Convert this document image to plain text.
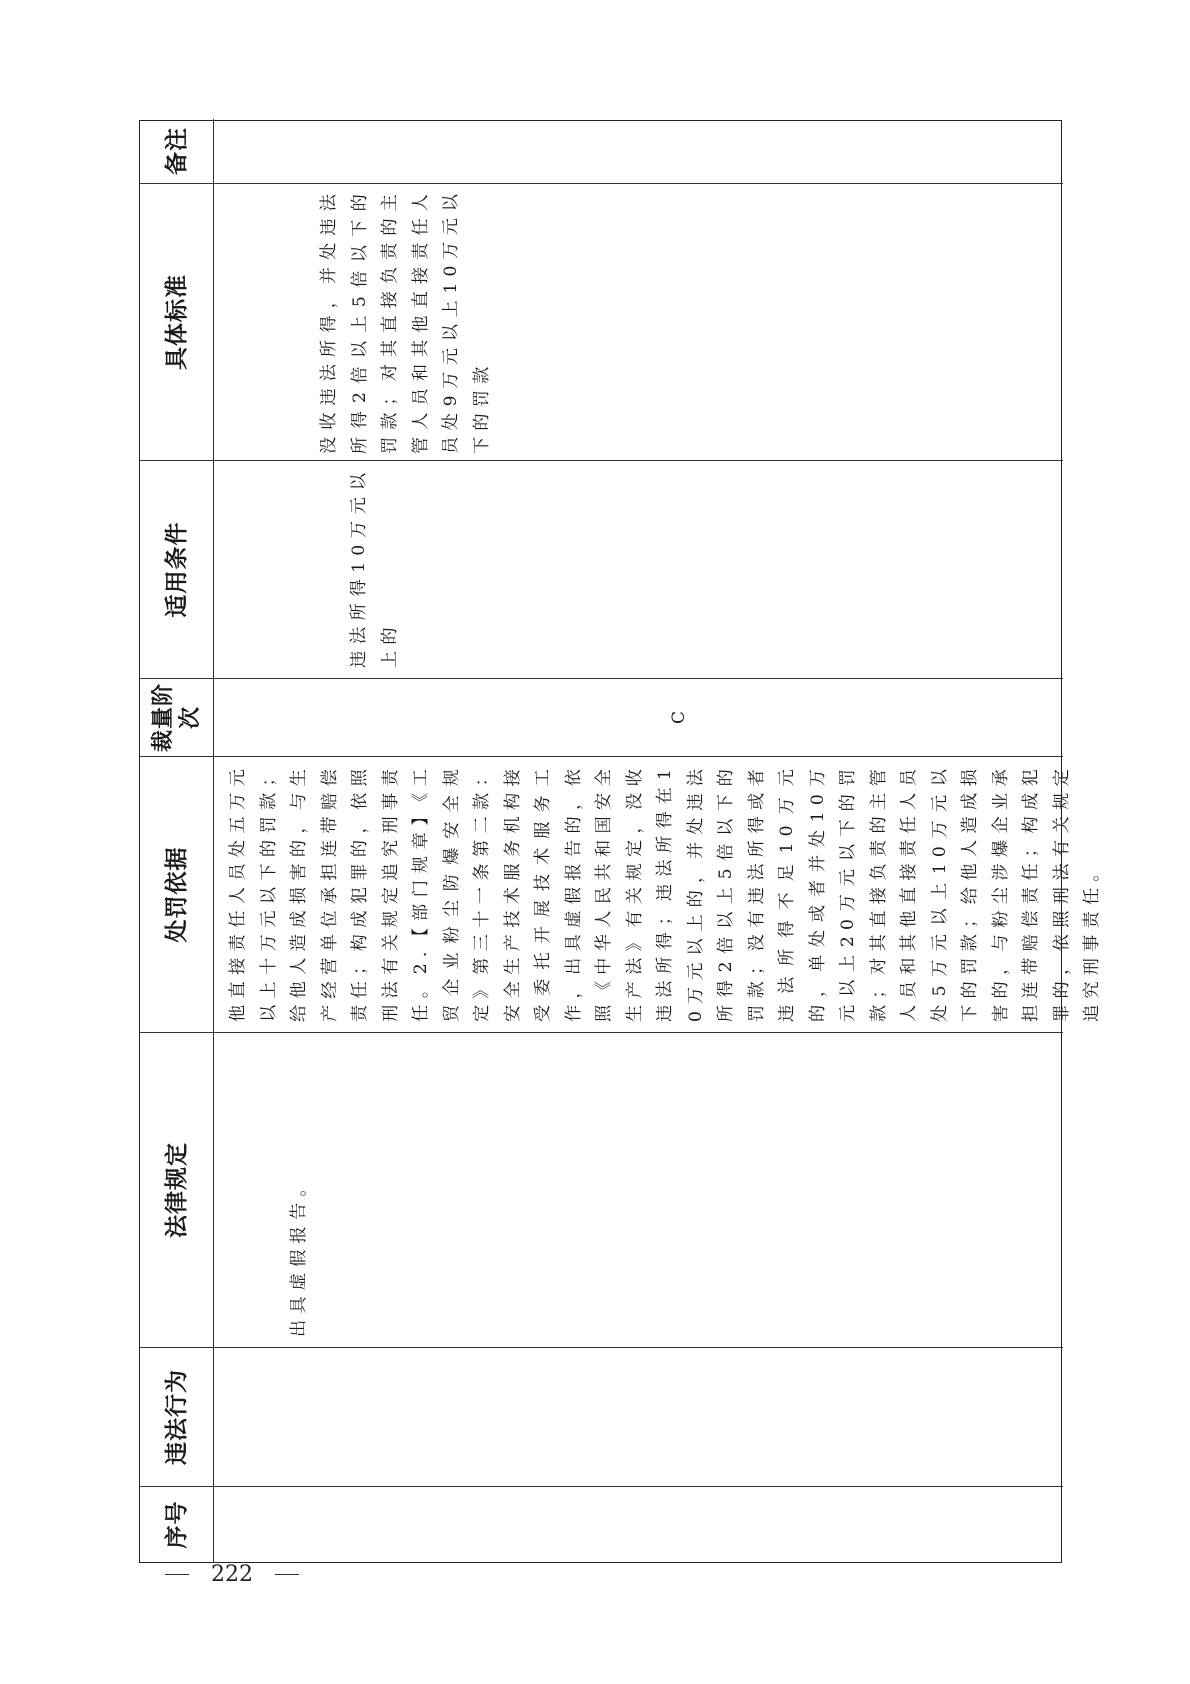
序号
违法行为
法律规定
处罚依据
裁量阶次
适用条件
具体标准
备注
出具虚假报告。
他直接责任人员处五万元以上十万元以下的罚款；给他人造成损害的，与生产经营单位承担连带赔偿责任；构成犯罪的，依照刑法有关规定追究刑事责任。2.【部门规章】《工贸企业粉尘防爆安全规定》第三十一条第二款：安全生产技术服务机构接受委托开展技术服务工作，出具虚假报告的，依照《中华人民共和国安全生产法》有关规定，没收违法所得；违法所得在10万元以上的，并处违法所得2倍以上5倍以下的罚款；没有违法所得或者违法所得不足10万元的，单处或者并处10万元以上20万元以下的罚款；对其直接负责的主管人员和其他直接责任人员处5万元以上10万元以下的罚款；给他人造成损害的，与粉尘涉爆企业承担连带赔偿责任；构成犯罪的，依照刑法有关规定追究刑事责任。
C
违法所得10万元以上的
没收违法所得，并处违法所得2倍以上5倍以下的罚款；对其直接负责的主管人员和其他直接责任人员处9万元以上10万元以下的罚款
222
